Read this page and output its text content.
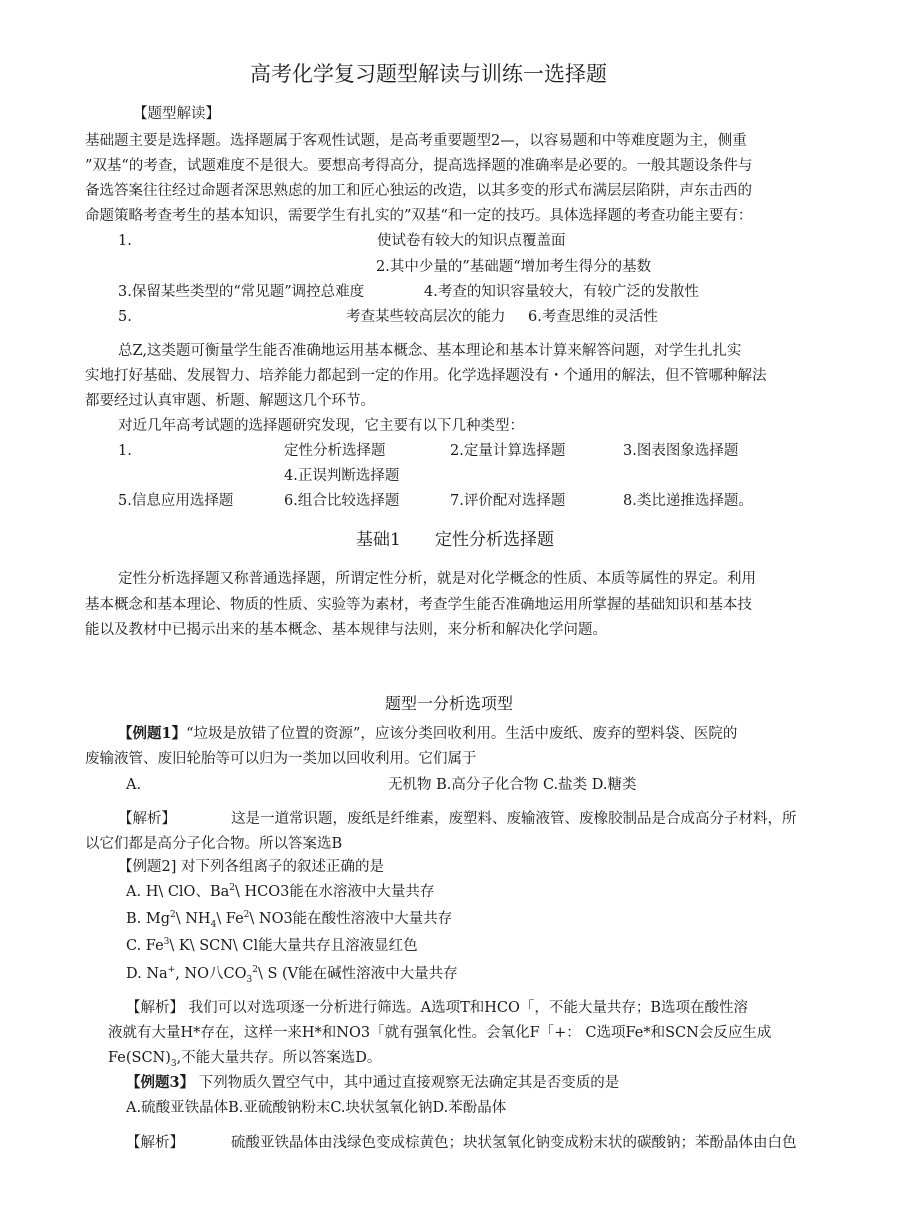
高考化学复习题型解读与训练一选择题
【题型解读】
基础题主要是选择题。选择题属于客观性试题，是高考重要题型2—，以容易题和中等难度题为主，侧重
”双基“的考查，试题难度不是很大。要想高考得高分，提高选择题的准确率是必要的。一般其题设条件与
备选答案往往经过命题者深思熟虑的加工和匠心独运的改造，以其多变的形式布满层层陷阱，声东击西的
命题策略考查考生的基本知识，需要学生有扎实的”双基“和一定的技巧。具体选择题的考查功能主要有：
1.	使试卷有较大的知识点覆盖面
2.其中少量的”基础题“增加考生得分的基数
3.保留某些类型的“常见题”调控总难度	4.考查的知识容量较大，有较广泛的发散性
5.	考查某些较高层次的能力 6.考查思维的灵活性
总Z,这类题可衡量学生能否准确地运用基本概念、基本理论和基本计算来解答问题，对学生扎扎实
实地打好基础、发展智力、培养能力都起到一定的作用。化学选择题没有・个通用的解法，但不管哪种解法
都要经过认真审题、析题、解题这几个环节。
对近几年高考试题的选择题研究发现，它主要有以下几种类型：
1.	定性分析选择题	2.定量计算选择题	3.图表图象选择题
4.正误判断选择题
5.信息应用选择题	6.组合比较选择题	7.评价配对选择题	8.类比递推选择题。
基础1 定性分析选择题
定性分析选择题又称普通选择题，所谓定性分析，就是对化学概念的性质、本质等属性的界定。利用
基本概念和基本理论、物质的性质、实验等为素材，考查学生能否准确地运用所掌握的基础知识和基本技
能以及教材中已揭示出来的基本概念、基本规律与法则，来分析和解决化学问题。
题型一分析选项型
【例题1】“垃圾是放错了位置的资源”，应该分类回收利用。生活中废纸、废弃的塑料袋、医院的
废输液管、废旧轮胎等可以归为一类加以回收利用。它们属于
A.	无机物 B.高分子化合物 C.盐类 D.糖类
【解析】	这是一道常识题，废纸是纤维素，废塑料、废输液管、废橡胶制品是合成高分子材料，所
以它们都是高分子化合物。所以答案选B
【例题2] 对下列各组离子的叙述正确的是
A. H\ ClO、Ba$^2$\ HCO3能在水溶液中大量共存
B. Mg$^2$\ $NH_4\backslash$ Fe$^2$\ NO3能在酸性溶液中大量共存
C. Fe$^3$\ K\ SCN\ Cl能大量共存且溶液显红色
D. Na+, NO八$CO_3^2\backslash$ S (V能在碱性溶液中大量共存
【解析】 我们可以对选项逐一分析进行筛选。A选项T和HCO「，不能大量共存；B选项在酸性溶
液就有大量H*存在，这样一来H*和NO3「就有强氧化性。会氧化F「+： C选项Fe*和SCN会反应生成
$Fe(SCN)_3$,不能大量共存。所以答案选D。
【例题3】 下列物质久置空气中，其中通过直接观察无法确定其是否变质的是
A.硫酸亚铁晶体B.亚硫酸钠粉末C.块状氢氧化钠D.苯酚晶体
【解析】	硫酸亚铁晶体由浅绿色变成棕黄色；块状氢氧化钠变成粉末状的碳酸钠；苯酚晶体由白色
